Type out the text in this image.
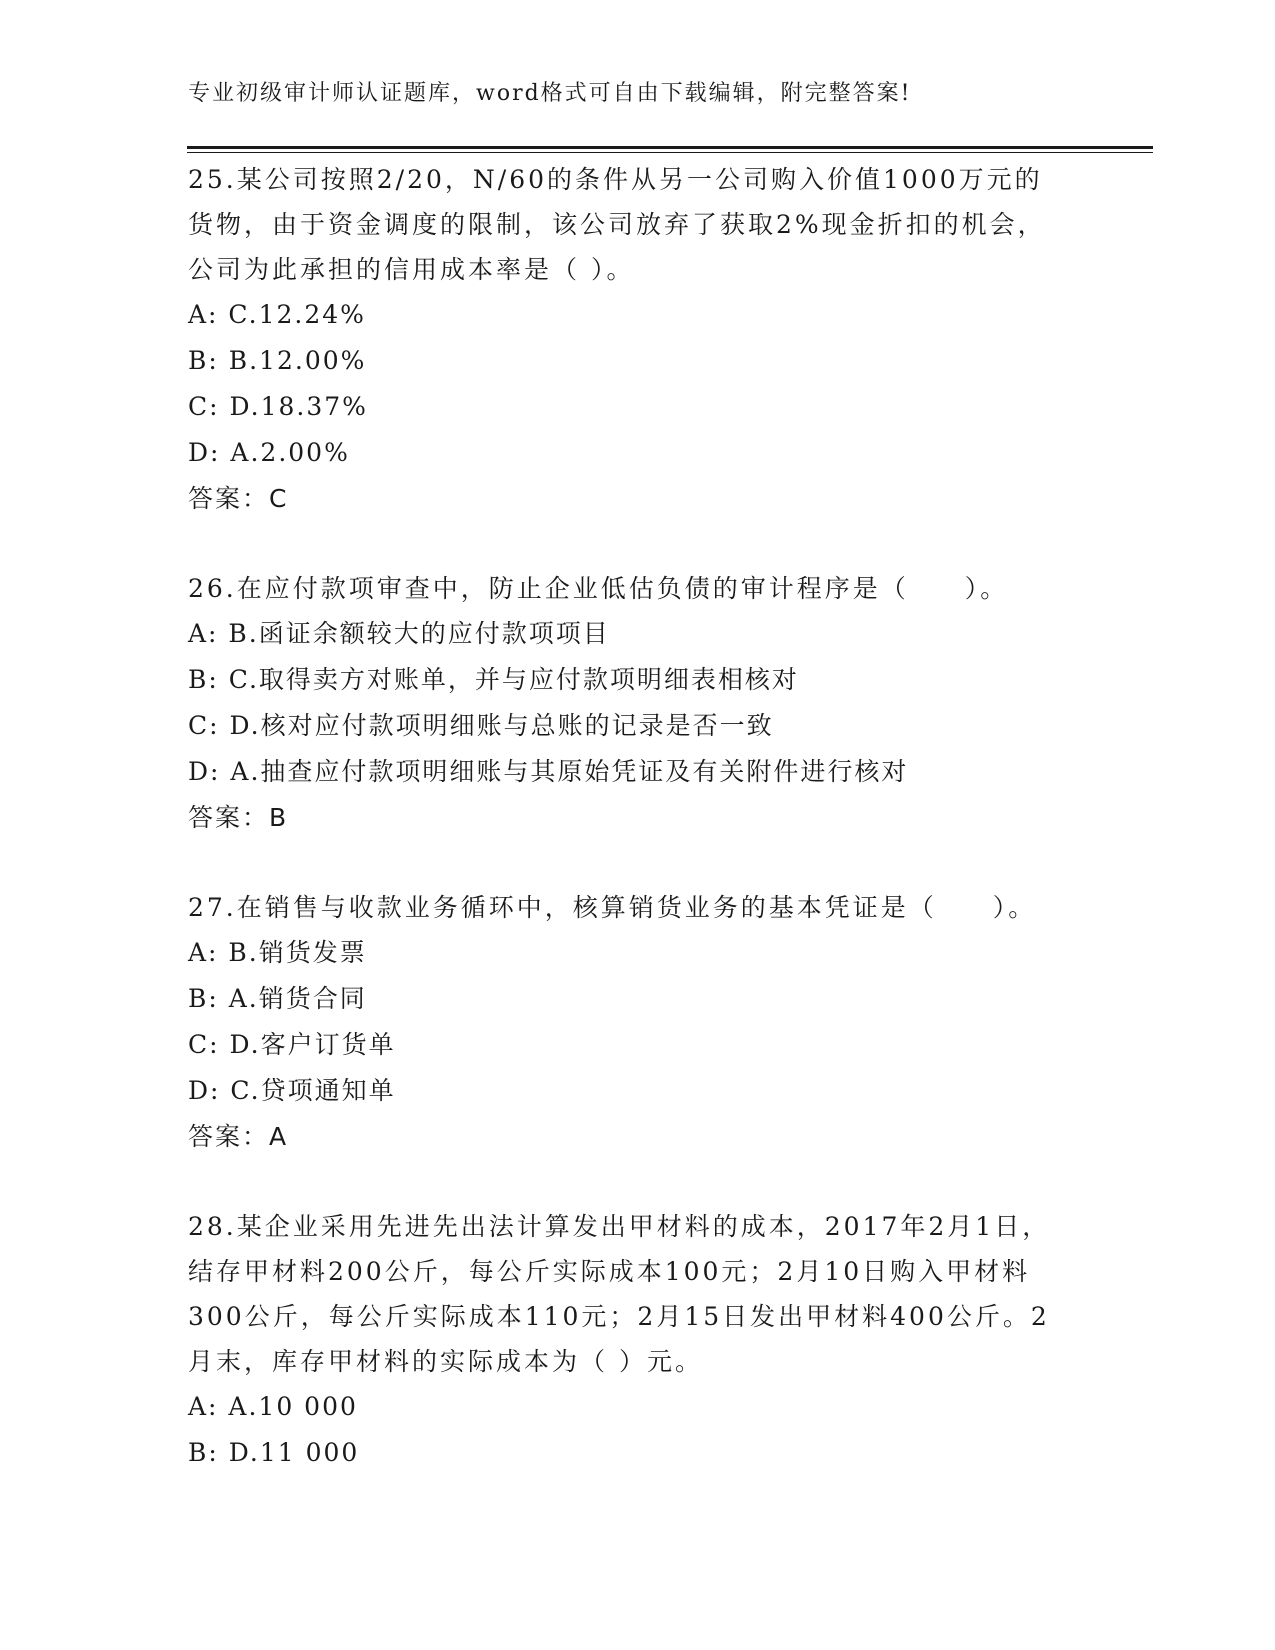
专业初级审计师认证题库，word格式可自由下载编辑，附完整答案!
25.某公司按照2/20，N/60的条件从另一公司购入价值1000万元的货物，由于资金调度的限制，该公司放弃了获取2%现金折扣的机会，公司为此承担的信用成本率是（ ）。
A: C.12.24%
B: B.12.00%
C: D.18.37%
D: A.2.00%
答案：C
26.在应付款项审查中，防止企业低估负债的审计程序是（　　）。
A: B.函证余额较大的应付款项项目
B: C.取得卖方对账单，并与应付款项明细表相核对
C: D.核对应付款项明细账与总账的记录是否一致
D: A.抽查应付款项明细账与其原始凭证及有关附件进行核对
答案：B
27.在销售与收款业务循环中，核算销货业务的基本凭证是（　　）。
A: B.销货发票
B: A.销货合同
C: D.客户订货单
D: C.贷项通知单
答案：A
28.某企业采用先进先出法计算发出甲材料的成本，2017年2月1日，结存甲材料200公斤，每公斤实际成本100元；2月10日购入甲材料300公斤，每公斤实际成本110元；2月15日发出甲材料400公斤。2月末，库存甲材料的实际成本为（ ）元。
A: A.10 000
B: D.11 000
